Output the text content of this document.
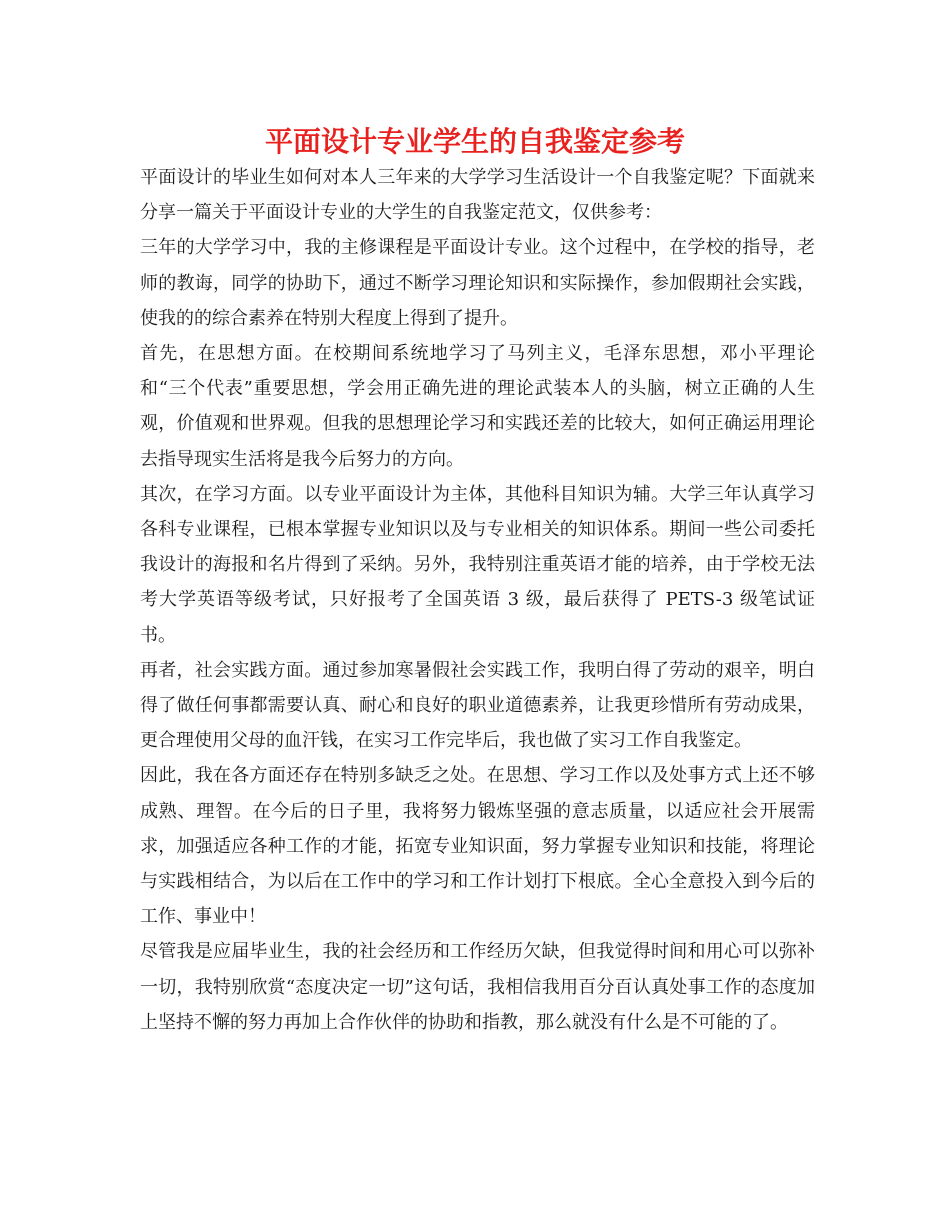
平面设计专业学生的自我鉴定参考

平面设计的毕业生如何对本人三年来的大学学习生活设计一个自我鉴定呢？下面就来分享一篇关于平面设计专业的大学生的自我鉴定范文，仅供参考：

三年的大学学习中，我的主修课程是平面设计专业。这个过程中，在学校的指导，老师的教诲，同学的协助下，通过不断学习理论知识和实际操作，参加假期社会实践，使我的的综合素养在特别大程度上得到了提升。

首先，在思想方面。在校期间系统地学习了马列主义，毛泽东思想，邓小平理论和“三个代表”重要思想，学会用正确先进的理论武装本人的头脑，树立正确的人生观，价值观和世界观。但我的思想理论学习和实践还差的比较大，如何正确运用理论去指导现实生活将是我今后努力的方向。

其次，在学习方面。以专业平面设计为主体，其他科目知识为辅。大学三年认真学习各科专业课程，已根本掌握专业知识以及与专业相关的知识体系。期间一些公司委托我设计的海报和名片得到了采纳。另外，我特别注重英语才能的培养，由于学校无法考大学英语等级考试，只好报考了全国英语 3 级，最后获得了 PETS-3 级笔试证书。

再者，社会实践方面。通过参加寒暑假社会实践工作，我明白得了劳动的艰辛，明白得了做任何事都需要认真、耐心和良好的职业道德素养，让我更珍惜所有劳动成果，更合理使用父母的血汗钱，在实习工作完毕后，我也做了实习工作自我鉴定。

因此，我在各方面还存在特别多缺乏之处。在思想、学习工作以及处事方式上还不够成熟、理智。在今后的日子里，我将努力锻炼坚强的意志质量，以适应社会开展需求，加强适应各种工作的才能，拓宽专业知识面，努力掌握专业知识和技能，将理论与实践相结合，为以后在工作中的学习和工作计划打下根底。全心全意投入到今后的工作、事业中！

尽管我是应届毕业生，我的社会经历和工作经历欠缺，但我觉得时间和用心可以弥补一切，我特别欣赏“态度决定一切”这句话，我相信我用百分百认真处事工作的态度加上坚持不懈的努力再加上合作伙伴的协助和指教，那么就没有什么是不可能的了。
